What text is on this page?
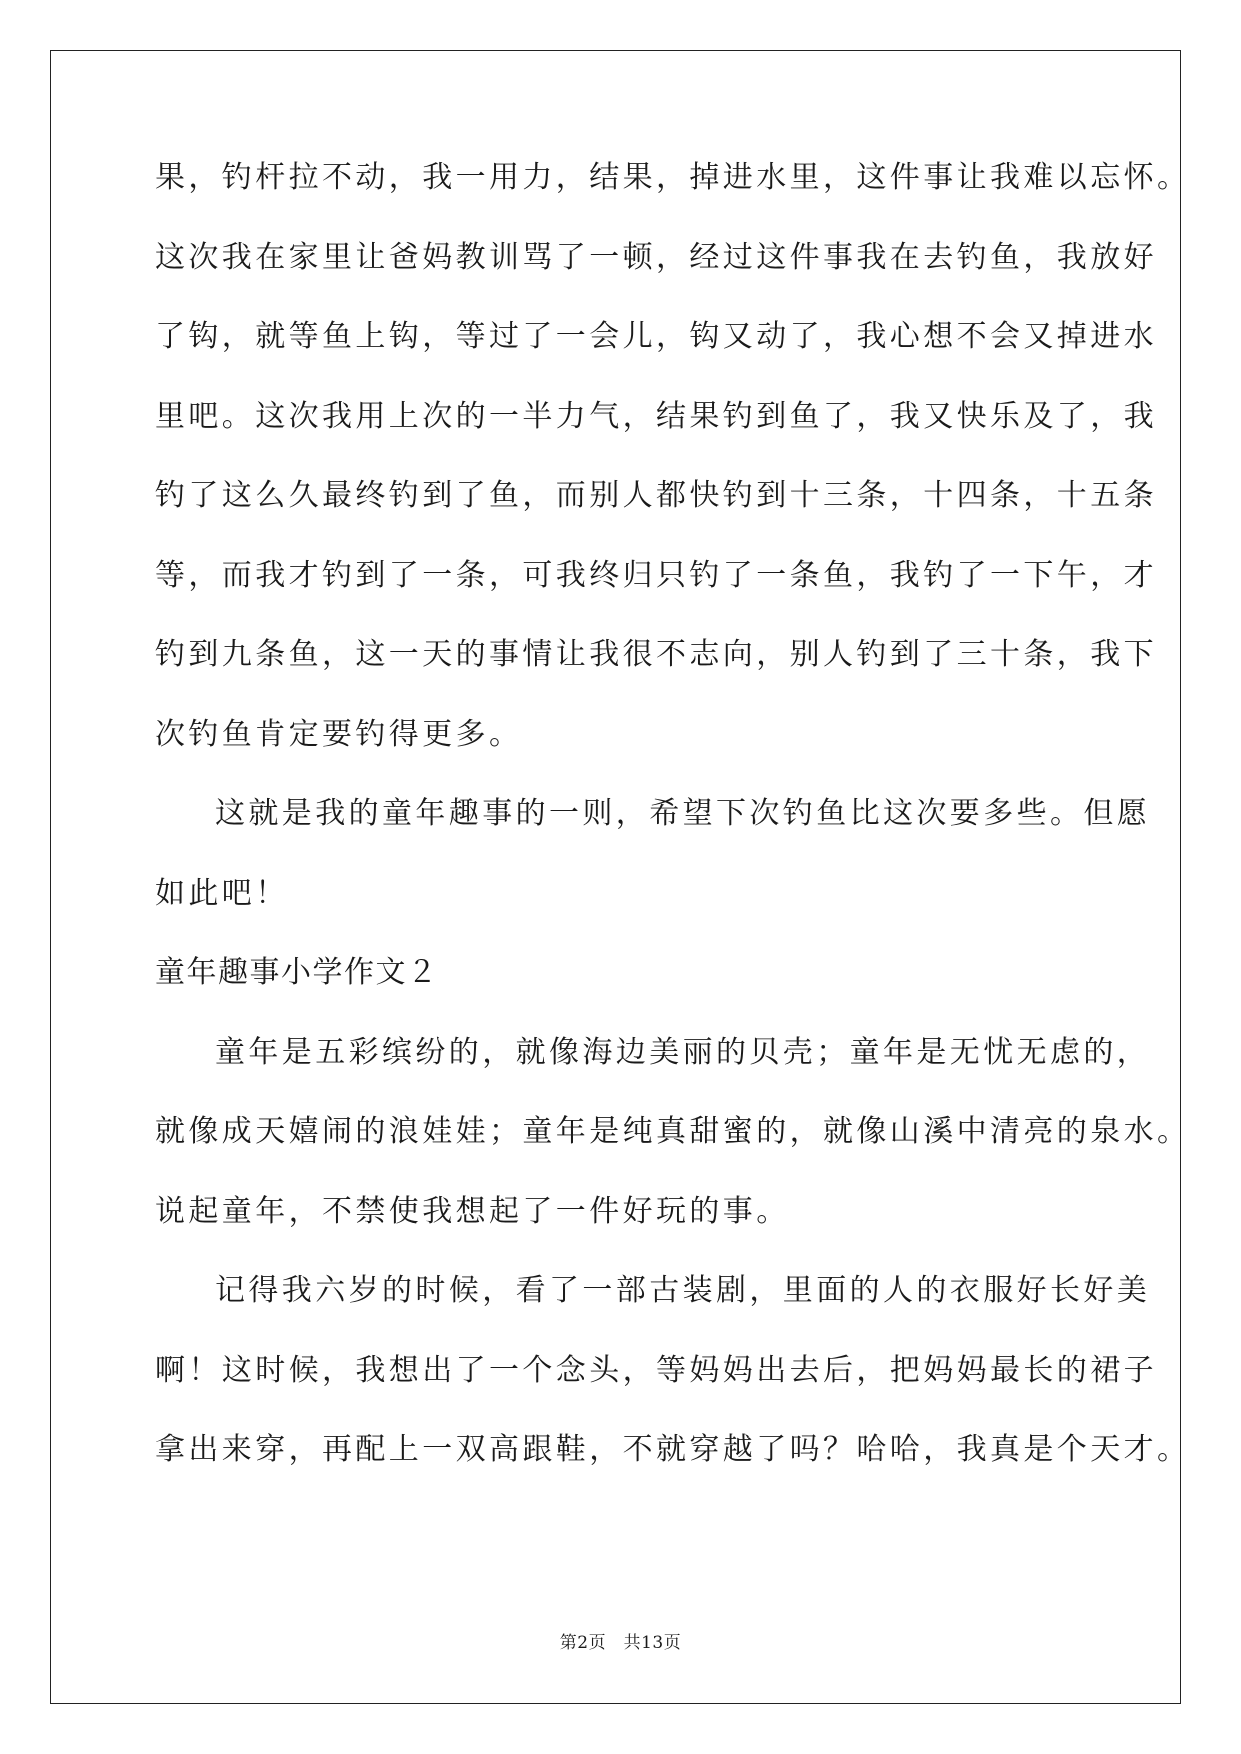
果，钓杆拉不动，我一用力，结果，掉进水里，这件事让我难以忘怀。
这次我在家里让爸妈教训骂了一顿，经过这件事我在去钓鱼，我放好
了钩，就等鱼上钩，等过了一会儿，钩又动了，我心想不会又掉进水
里吧。这次我用上次的一半力气，结果钓到鱼了，我又快乐及了，我
钓了这么久最终钓到了鱼，而别人都快钓到十三条，十四条，十五条
等，而我才钓到了一条，可我终归只钓了一条鱼，我钓了一下午，才
钓到九条鱼，这一天的事情让我很不志向，别人钓到了三十条，我下
次钓鱼肯定要钓得更多。
这就是我的童年趣事的一则，希望下次钓鱼比这次要多些。但愿
如此吧！
童年趣事小学作文２
童年是五彩缤纷的，就像海边美丽的贝壳；童年是无忧无虑的，
就像成天嬉闹的浪娃娃；童年是纯真甜蜜的，就像山溪中清亮的泉水。
说起童年，不禁使我想起了一件好玩的事。
记得我六岁的时候，看了一部古装剧，里面的人的衣服好长好美
啊！这时候，我想出了一个念头，等妈妈出去后，把妈妈最长的裙子
拿出来穿，再配上一双高跟鞋，不就穿越了吗？哈哈，我真是个天才。
第2页　共13页
